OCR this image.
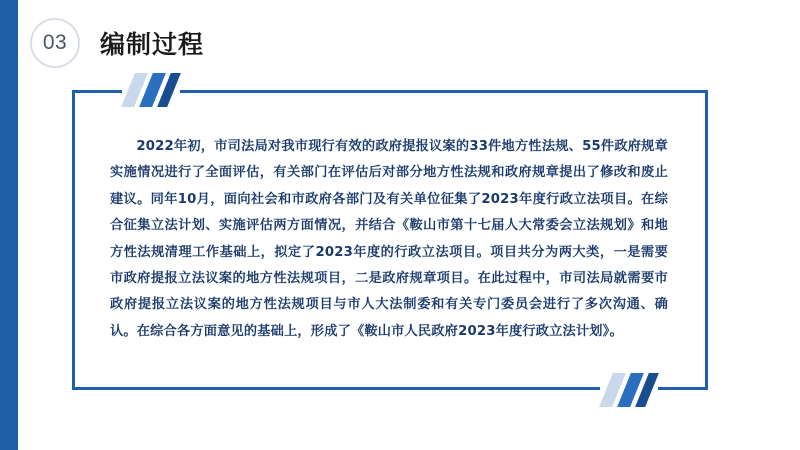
03	编制过程
2022年初，市司法局对我市现行有效的政府提报议案的33件地方性法规、55件政府规章实施情况进行了全面评估，有关部门在评估后对部分地方性法规和政府规章提出了修改和废止建议。同年10月，面向社会和市政府各部门及有关单位征集了2023年度行政立法项目。在综合征集立法计划、实施评估两方面情况，并结合《鞍山市第十七届人大常委会立法规划》和地方性法规清理工作基础上，拟定了2023年度的行政立法项目。项目共分为两大类，一是需要市政府提报立法议案的地方性法规项目，二是政府规章项目。在此过程中，市司法局就需要市政府提报立法议案的地方性法规项目与市人大法制委和有关专门委员会进行了多次沟通、确认。在综合各方面意见的基础上，形成了《鞍山市人民政府2023年度行政立法计划》。
